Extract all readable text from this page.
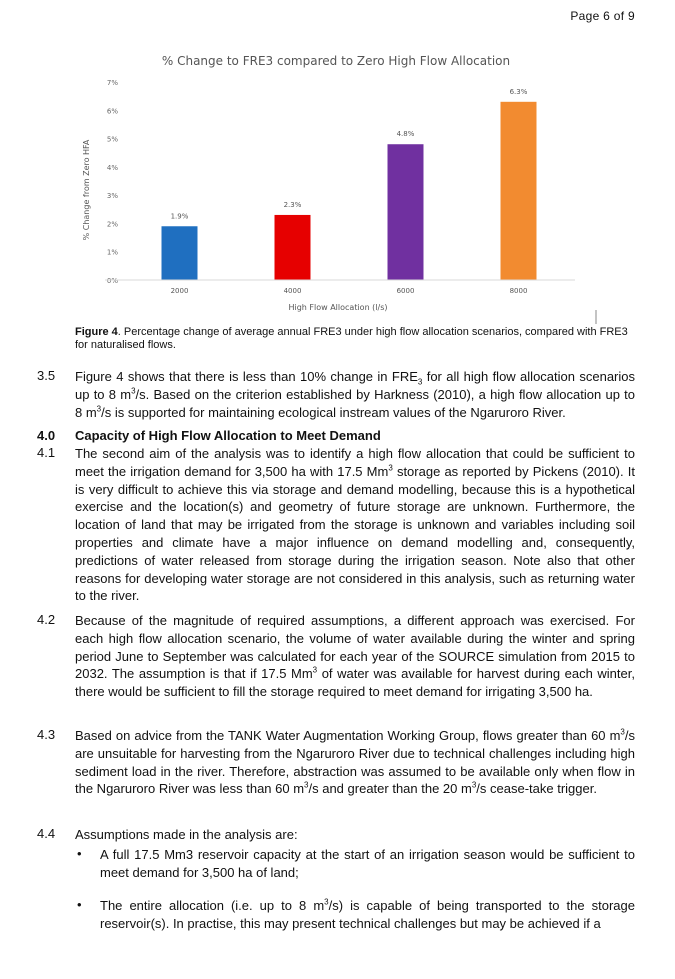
Page 6 of 9
% Change to FRE3 compared to Zero High Flow Allocation
0%
1%
2%
3%
4%
5%
6%
7%
1.9%
2.3%
4.8%
6.3%
2000	4000	6000	8000
High Flow Allocation (l/s)
% Change from Zero HFA
Figure 4. Percentage change of average annual FRE3 under high flow allocation scenarios, compared with FRE3 for naturalised flows.
3.5 Figure 4 shows that there is less than 10% change in $FRE_3$ for all high flow allocation scenarios up to 8 $m^3/s$. Based on the criterion established by Harkness (2010), a high flow allocation up to 8 $m^3/s$ is supported for maintaining ecological instream values of the Ngaruroro River.
4.0 Capacity of High Flow Allocation to Meet Demand
4.1 The second aim of the analysis was to identify a high flow allocation that could be sufficient to meet the irrigation demand for 3,500 ha with 17.5 Mm$^3$ storage as reported by Pickens (2010). It is very difficult to achieve this via storage and demand modelling, because this is a hypothetical exercise and the location(s) and geometry of future storage are unknown. Furthermore, the location of land that may be irrigated from the storage is unknown and variables including soil properties and climate have a major influence on demand modelling and, consequently, predictions of water released from storage during the irrigation season. Note also that other reasons for developing water storage are not considered in this analysis, such as returning water to the river.
4.2 Because of the magnitude of required assumptions, a different approach was exercised. For each high flow allocation scenario, the volume of water available during the winter and spring period June to September was calculated for each year of the SOURCE simulation from 2015 to 2032. The assumption is that if 17.5 Mm$^3$ of water was available for harvest during each winter, there would be sufficient to fill the storage required to meet demand for irrigating 3,500 ha.
4.3 Based on advice from the TANK Water Augmentation Working Group, flows greater than 60 $m^3/s$ are unsuitable for harvesting from the Ngaruroro River due to technical challenges including high sediment load in the river. Therefore, abstraction was assumed to be available only when flow in the Ngaruroro River was less than 60 $m^3/s$ and greater than the 20 $m^3/s$ cease-take trigger.
4.4 Assumptions made in the analysis are:
• A full 17.5 Mm3 reservoir capacity at the start of an irrigation season would be sufficient to meet demand for 3,500 ha of land;
• The entire allocation (i.e. up to 8 $m^3/s$) is capable of being transported to the storage reservoir(s). In practise, this may present technical challenges but may be achieved if a
